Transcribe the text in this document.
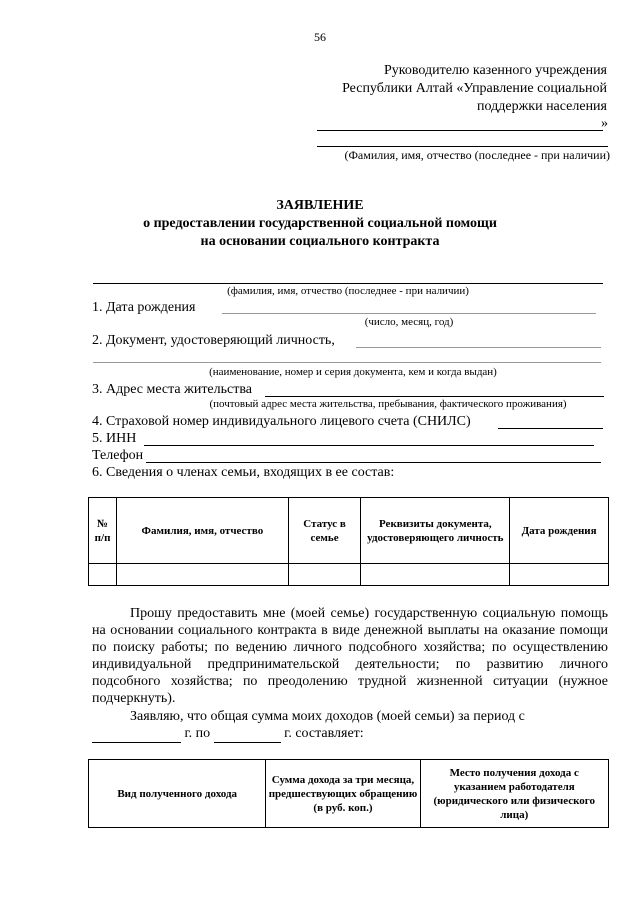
56
Руководителю казенного учреждения
Республики Алтай «Управление социальной
поддержки населения
»
(Фамилия, имя, отчество (последнее - при наличии)
ЗАЯВЛЕНИЕ
о предоставлении государственной социальной помощи
на основании социального контракта
(фамилия, имя, отчество (последнее - при наличии)
1. Дата рождения
(число, месяц, год)
2. Документ, удостоверяющий личность,
(наименование, номер и серия документа, кем и когда выдан)
3. Адрес места жительства
(почтовый адрес места жительства, пребывания, фактического проживания)
4. Страховой номер индивидуального лицевого счета (СНИЛС)
5. ИНН
Телефон
6. Сведения о членах семьи, входящих в ее состав:
№ п/п	Фамилия, имя, отчество	Статус в семье	Реквизиты документа, удостоверяющего личность	Дата рождения

Прошу предоставить мне (моей семье) государственную социальную помощь на основании социального контракта в виде денежной выплаты на оказание помощи по поиску работы; по ведению личного подсобного хозяйства; по осуществлению индивидуальной предпринимательской деятельности; по развитию личного подсобного хозяйства; по преодолению трудной жизненной ситуации (нужное подчеркнуть).
Заявляю, что общая сумма моих доходов (моей семьи) за период с
г. по	г. составляет:
Вид полученного дохода	Сумма дохода за три месяца, предшествующих обращению (в руб. коп.)	Место получения дохода с указанием работодателя (юридического или физического лица)
